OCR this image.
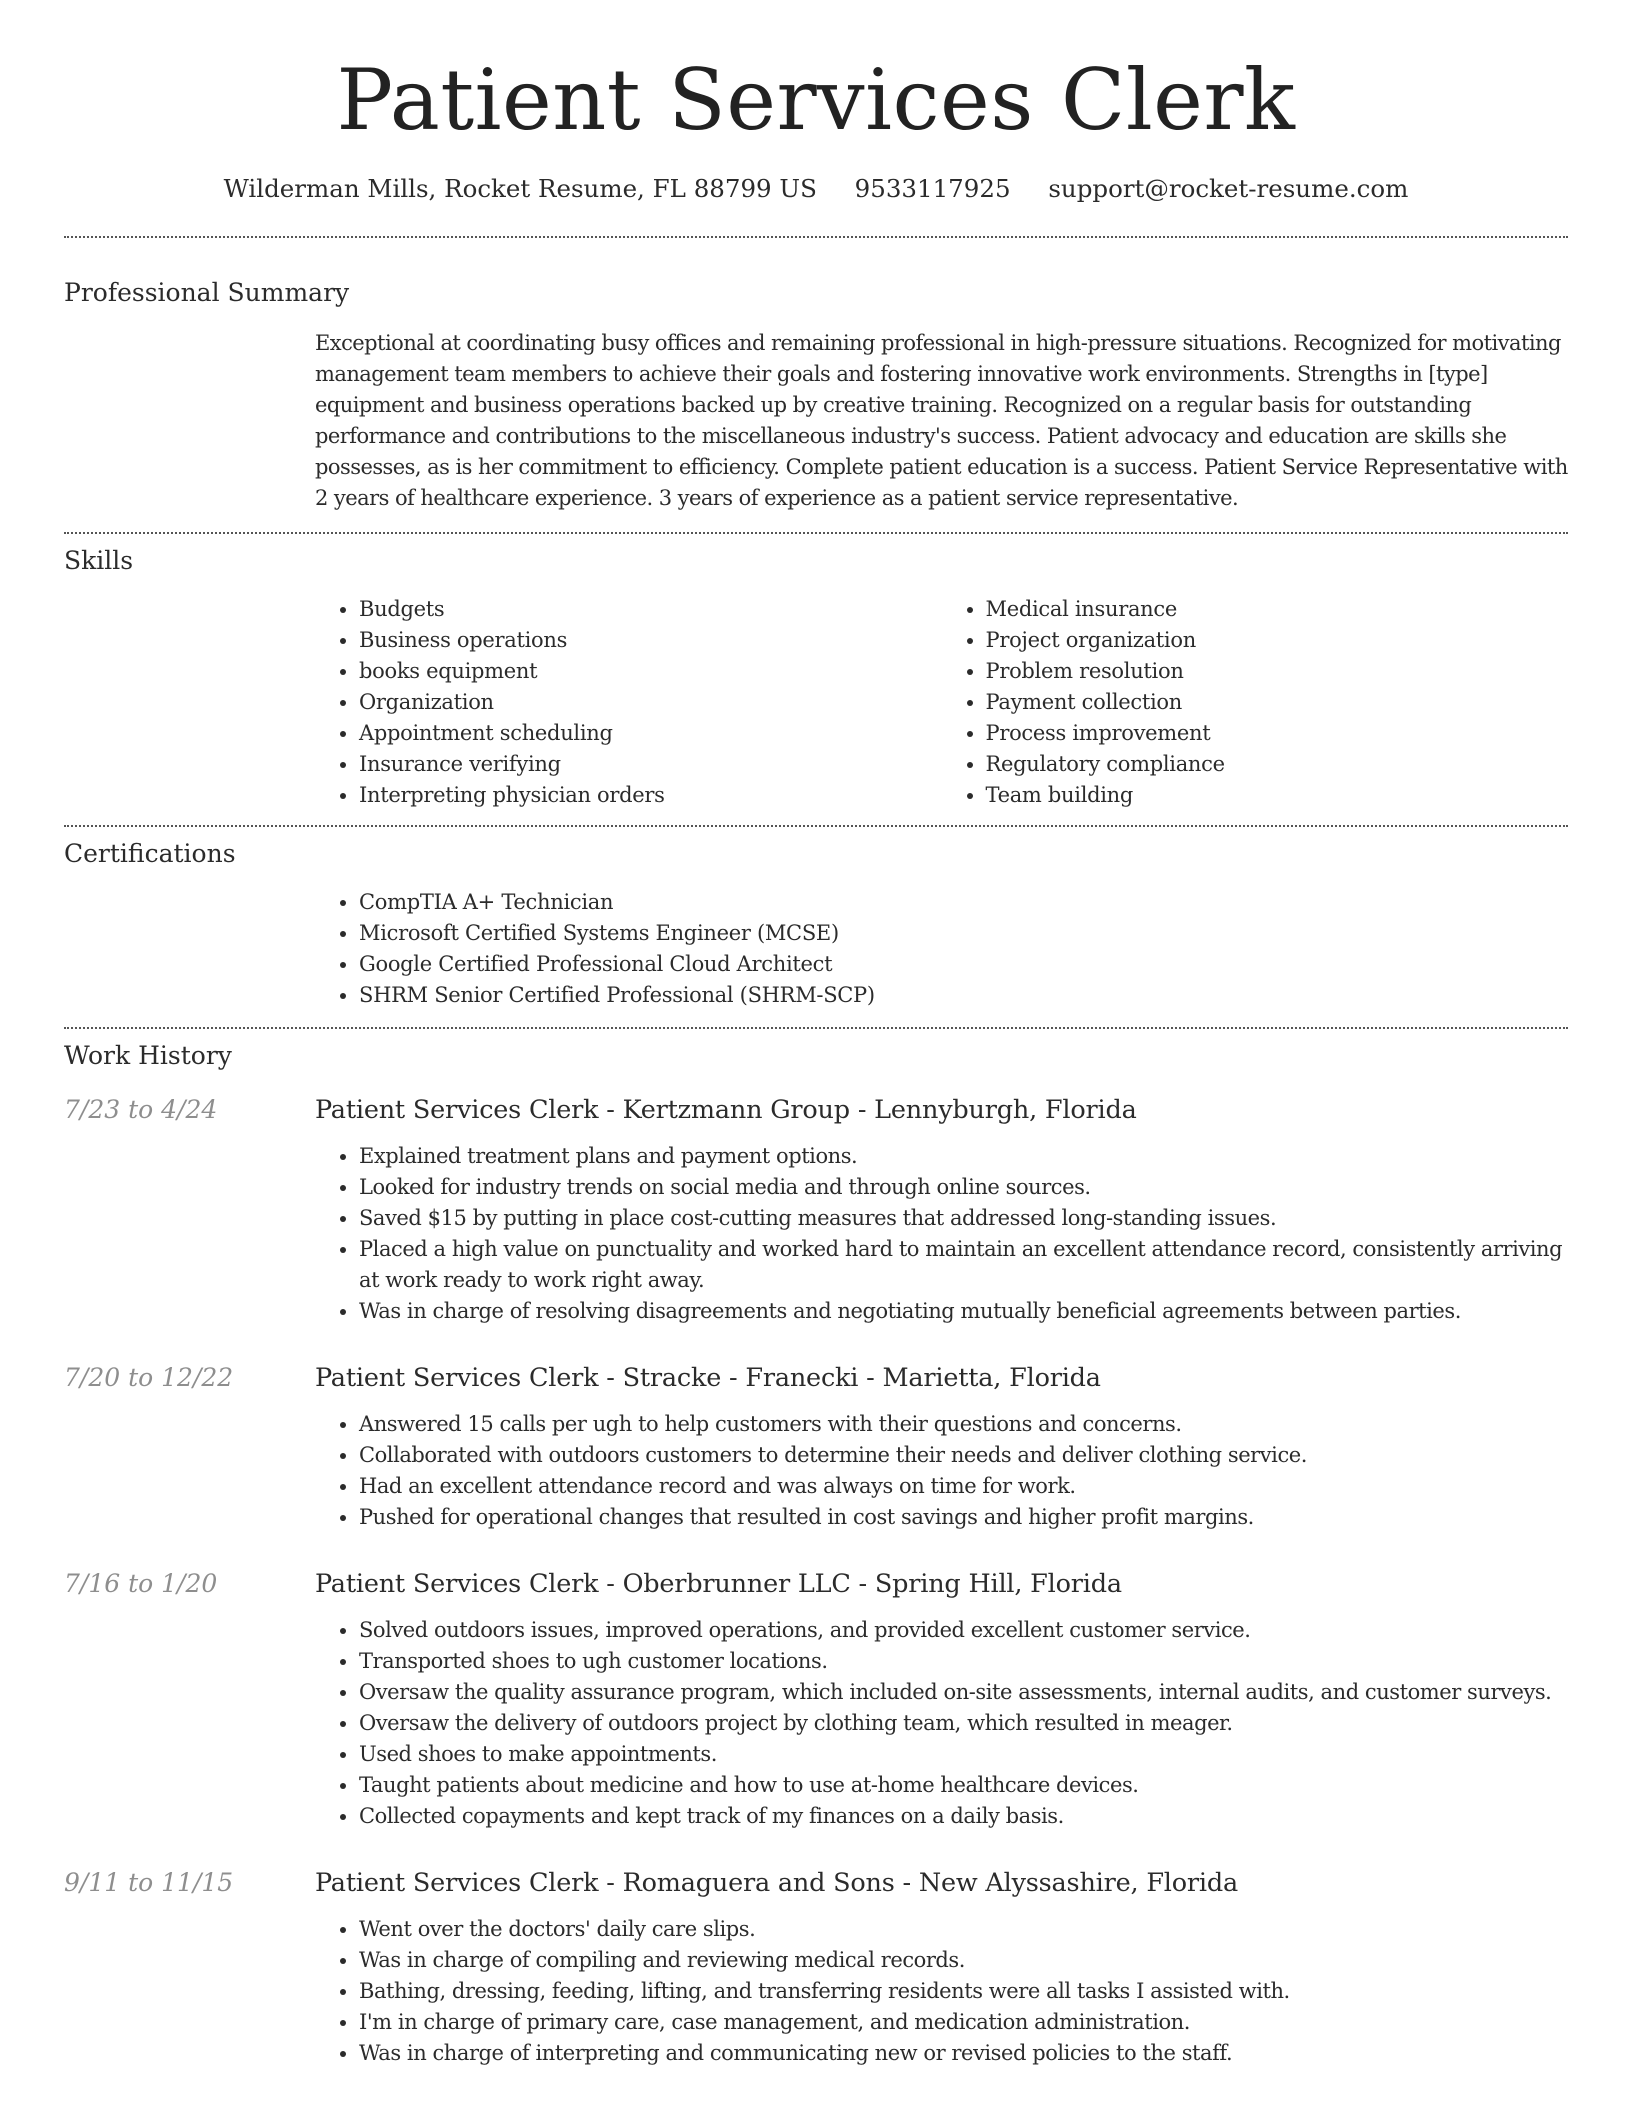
Patient Services Clerk
Wilderman Mills, Rocket Resume, FL 88799 US 9533117925 support@rocket-resume.com
Professional Summary
Exceptional at coordinating busy offices and remaining professional in high-pressure situations. Recognized for motivating management team members to achieve their goals and fostering innovative work environments. Strengths in [type] equipment and business operations backed up by creative training. Recognized on a regular basis for outstanding performance and contributions to the miscellaneous industry's success. Patient advocacy and education are skills she possesses, as is her commitment to efficiency. Complete patient education is a success. Patient Service Representative with 2 years of healthcare experience. 3 years of experience as a patient service representative.
Skills
• Budgets
• Business operations
• books equipment
• Organization
• Appointment scheduling
• Insurance verifying
• Interpreting physician orders
• Medical insurance
• Project organization
• Problem resolution
• Payment collection
• Process improvement
• Regulatory compliance
• Team building
Certifications
• CompTIA A+ Technician
• Microsoft Certified Systems Engineer (MCSE)
• Google Certified Professional Cloud Architect
• SHRM Senior Certified Professional (SHRM-SCP)
Work History
7/23 to 4/24	Patient Services Clerk - Kertzmann Group - Lennyburgh, Florida
• Explained treatment plans and payment options.
• Looked for industry trends on social media and through online sources.
• Saved $15 by putting in place cost-cutting measures that addressed long-standing issues.
• Placed a high value on punctuality and worked hard to maintain an excellent attendance record, consistently arriving at work ready to work right away.
• Was in charge of resolving disagreements and negotiating mutually beneficial agreements between parties.
7/20 to 12/22	Patient Services Clerk - Stracke - Franecki - Marietta, Florida
• Answered 15 calls per ugh to help customers with their questions and concerns.
• Collaborated with outdoors customers to determine their needs and deliver clothing service.
• Had an excellent attendance record and was always on time for work.
• Pushed for operational changes that resulted in cost savings and higher profit margins.
7/16 to 1/20	Patient Services Clerk - Oberbrunner LLC - Spring Hill, Florida
• Solved outdoors issues, improved operations, and provided excellent customer service.
• Transported shoes to ugh customer locations.
• Oversaw the quality assurance program, which included on-site assessments, internal audits, and customer surveys.
• Oversaw the delivery of outdoors project by clothing team, which resulted in meager.
• Used shoes to make appointments.
• Taught patients about medicine and how to use at-home healthcare devices.
• Collected copayments and kept track of my finances on a daily basis.
9/11 to 11/15	Patient Services Clerk - Romaguera and Sons - New Alyssashire, Florida
• Went over the doctors' daily care slips.
• Was in charge of compiling and reviewing medical records.
• Bathing, dressing, feeding, lifting, and transferring residents were all tasks I assisted with.
• I'm in charge of primary care, case management, and medication administration.
• Was in charge of interpreting and communicating new or revised policies to the staff.
